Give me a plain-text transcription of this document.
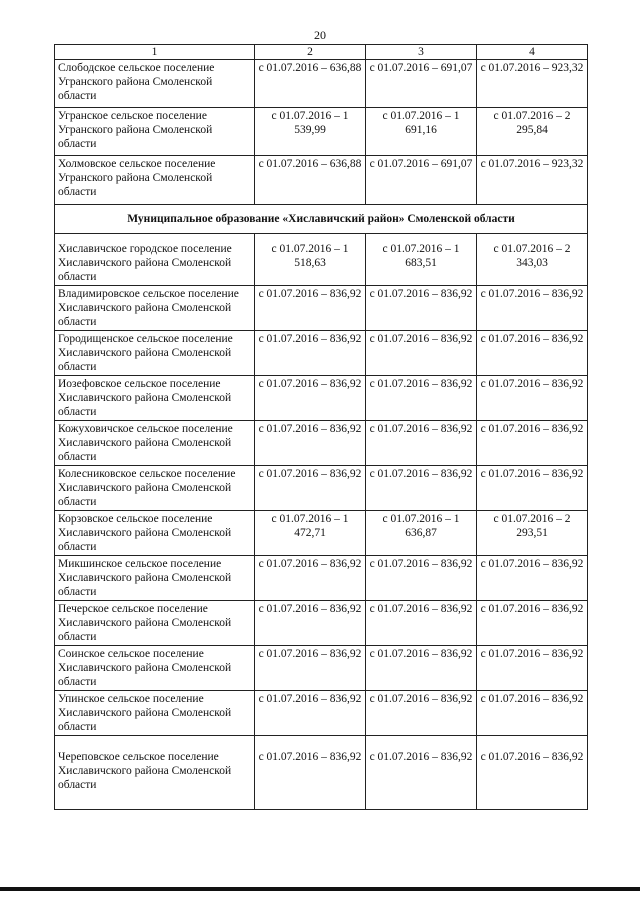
20
1	2	3	4
Слободское сельское поселение Угранского района Смоленской области	с 01.07.2016 – 636,88	с 01.07.2016 – 691,07	с 01.07.2016 – 923,32
Угранское сельское поселение Угранского района Смоленской области	с 01.07.2016 – 1 539,99	с 01.07.2016 – 1 691,16	с 01.07.2016 – 2 295,84
Холмовское сельское поселение Угранского района Смоленской области	с 01.07.2016 – 636,88	с 01.07.2016 – 691,07	с 01.07.2016 – 923,32
Муниципальное образование «Хиславичский район» Смоленской области			
Хиславичское городское поселение Хиславичского района Смоленской области	с 01.07.2016 – 1 518,63	с 01.07.2016 – 1 683,51	с 01.07.2016 – 2 343,03
Владимировское сельское поселение Хиславичского района Смоленской области	с 01.07.2016 – 836,92	с 01.07.2016 – 836,92	с 01.07.2016 – 836,92
Городищенское сельское поселение Хиславичского района Смоленской области	с 01.07.2016 – 836,92	с 01.07.2016 – 836,92	с 01.07.2016 – 836,92
Иозефовское сельское поселение Хиславичского района Смоленской области	с 01.07.2016 – 836,92	с 01.07.2016 – 836,92	с 01.07.2016 – 836,92
Кожуховичское сельское поселение Хиславичского района Смоленской области	с 01.07.2016 – 836,92	с 01.07.2016 – 836,92	с 01.07.2016 – 836,92
Колесниковское сельское поселение Хиславичского района Смоленской области	с 01.07.2016 – 836,92	с 01.07.2016 – 836,92	с 01.07.2016 – 836,92
Корзовское сельское поселение Хиславичского района Смоленской области	с 01.07.2016 – 1 472,71	с 01.07.2016 – 1 636,87	с 01.07.2016 – 2 293,51
Микшинское сельское поселение Хиславичского района Смоленской области	с 01.07.2016 – 836,92	с 01.07.2016 – 836,92	с 01.07.2016 – 836,92
Печерское сельское поселение Хиславичского района Смоленской области	с 01.07.2016 – 836,92	с 01.07.2016 – 836,92	с 01.07.2016 – 836,92
Соинское сельское поселение Хиславичского района Смоленской области	с 01.07.2016 – 836,92	с 01.07.2016 – 836,92	с 01.07.2016 – 836,92
Упинское сельское поселение Хиславичского района Смоленской области	с 01.07.2016 – 836,92	с 01.07.2016 – 836,92	с 01.07.2016 – 836,92
Череповское сельское поселение Хиславичского района Смоленской области	с 01.07.2016 – 836,92	с 01.07.2016 – 836,92	с 01.07.2016 – 836,92
